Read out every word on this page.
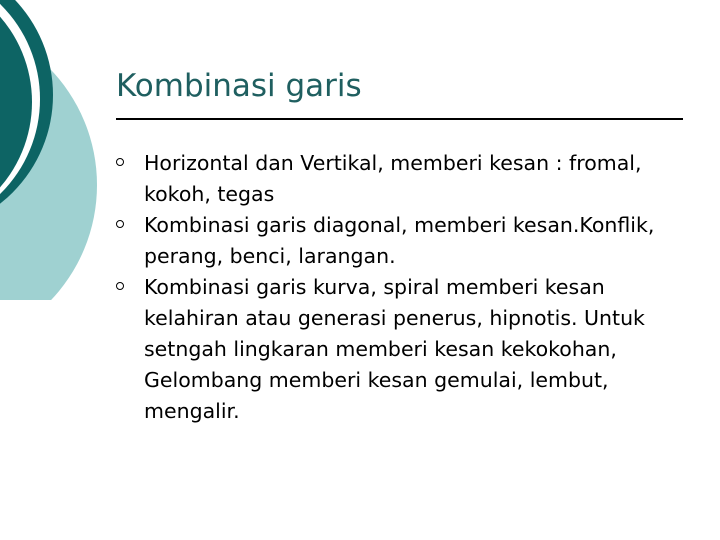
Kombinasi garis
Horizontal dan Vertikal, memberi kesan : fromal, kokoh, tegas
Kombinasi garis diagonal, memberi kesan.Konflik, perang, benci, larangan.
Kombinasi garis kurva, spiral memberi kesan kelahiran atau generasi penerus, hipnotis. Untuk setngah lingkaran memberi kesan kekokohan, Gelombang memberi kesan gemulai, lembut, mengalir.
